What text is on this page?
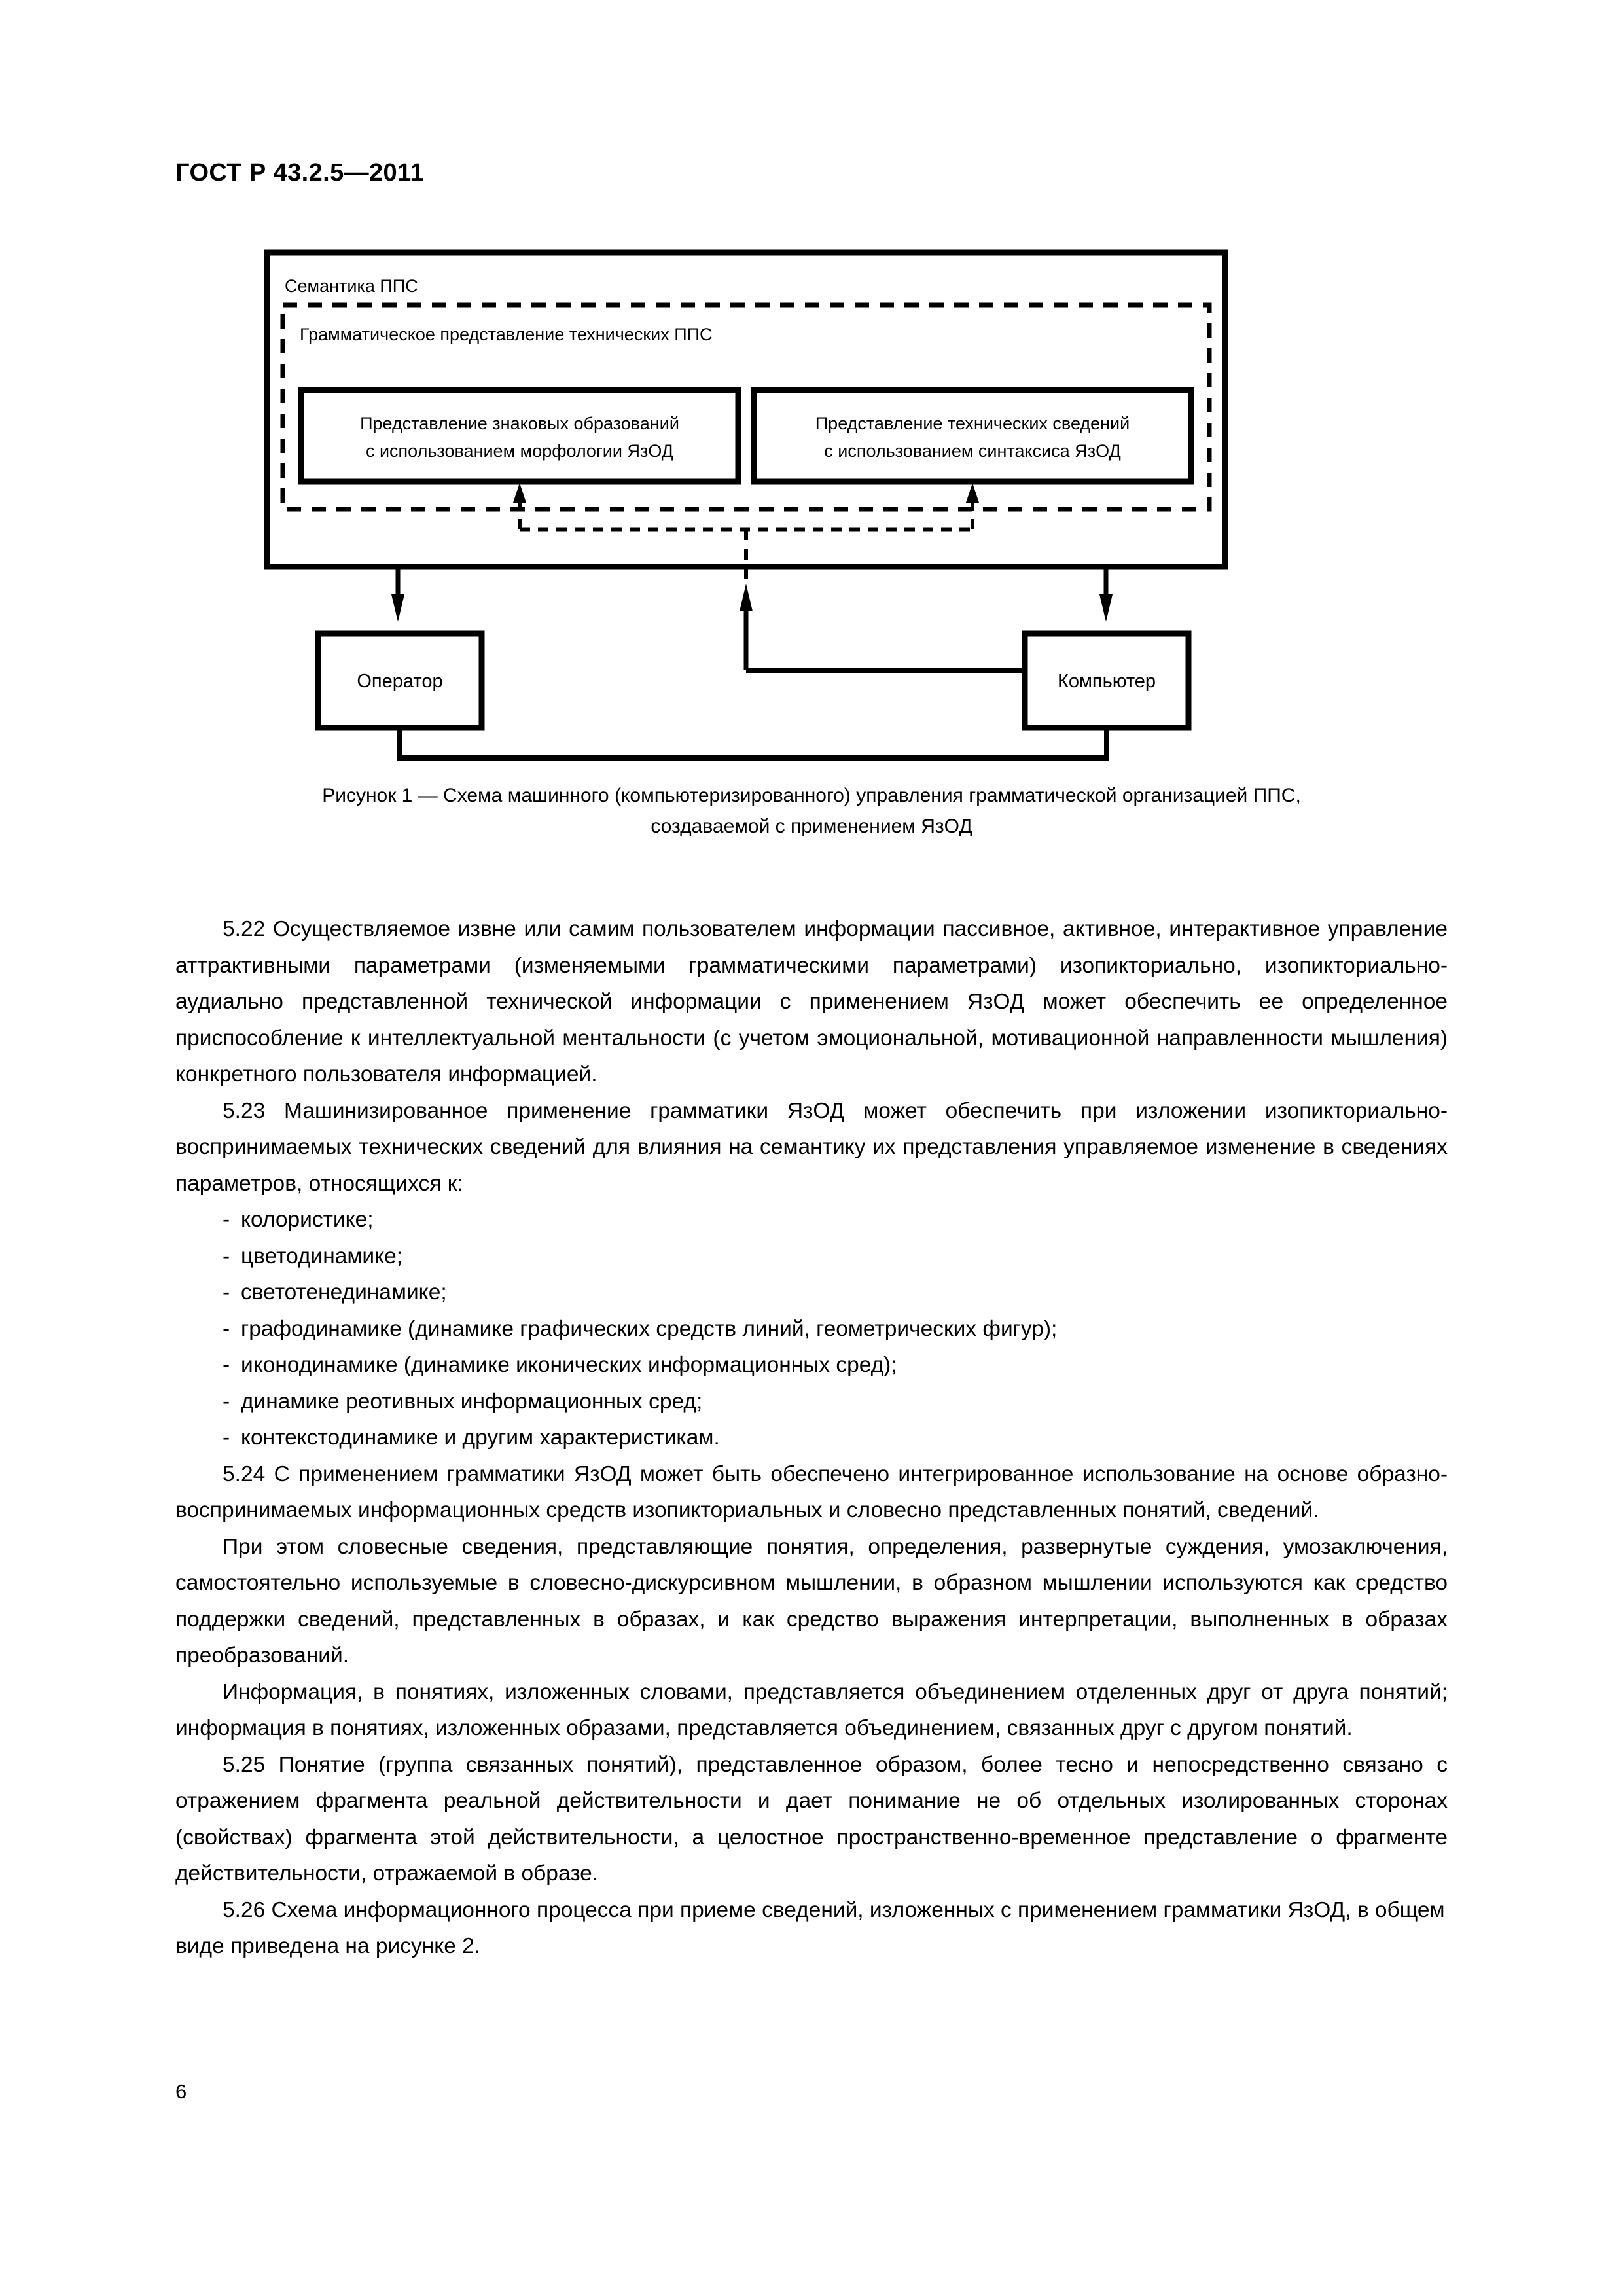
ГОСТ Р 43.2.5—2011
Семантика ППС
Грамматическое представление технических ППС
Представление знаковых образований
с использованием морфологии ЯзОД
Представление технических сведений
с использованием синтаксиса ЯзОД
Оператор	Компьютер
Рисунок 1 — Схема машинного (компьютеризированного) управления грамматической организацией ППС,
создаваемой с применением ЯзОД

5.22 Осуществляемое извне или самим пользователем информации пассивное, активное, интерактивное управление аттрактивными параметрами (изменяемыми грамматическими параметрами) изопикториально, изопикториально-аудиально представленной технической информации с применением ЯзОД может обеспечить ее определенное приспособление к интеллектуальной ментальности (с учетом эмоциональной, мотивационной направленности мышления) конкретного пользователя информацией.

5.23 Машинизированное применение грамматики ЯзОД может обеспечить при изложении изопикториально-воспринимаемых технических сведений для влияния на семантику их представления управляемое изменение в сведениях параметров, относящихся к:

- колористике;
- цветодинамике;
- светотенединамике;
- графодинамике (динамике графических средств линий, геометрических фигур);
- иконодинамике (динамике иконических информационных сред);
- динамике реотивных информационных сред;
- контекстодинамике и другим характеристикам.

5.24 С применением грамматики ЯзОД может быть обеспечено интегрированное использование на основе образно-воспринимаемых информационных средств изопикториальных и словесно представленных понятий, сведений.

При этом словесные сведения, представляющие понятия, определения, развернутые суждения, умозаключения, самостоятельно используемые в словесно-дискурсивном мышлении, в образном мышлении используются как средство поддержки сведений, представленных в образах, и как средство выражения интерпретации, выполненных в образах преобразований.

Информация, в понятиях, изложенных словами, представляется объединением отделенных друг от друга понятий; информация в понятиях, изложенных образами, представляется объединением, связанных друг с другом понятий.

5.25 Понятие (группа связанных понятий), представленное образом, более тесно и непосредственно связано с отражением фрагмента реальной действительности и дает понимание не об отдельных изолированных сторонах (свойствах) фрагмента этой действительности, а целостное пространственно-временное представление о фрагменте действительности, отражаемой в образе.

5.26 Схема информационного процесса при приеме сведений, изложенных с применением грамматики ЯзОД, в общем виде приведена на рисунке 2.

6
